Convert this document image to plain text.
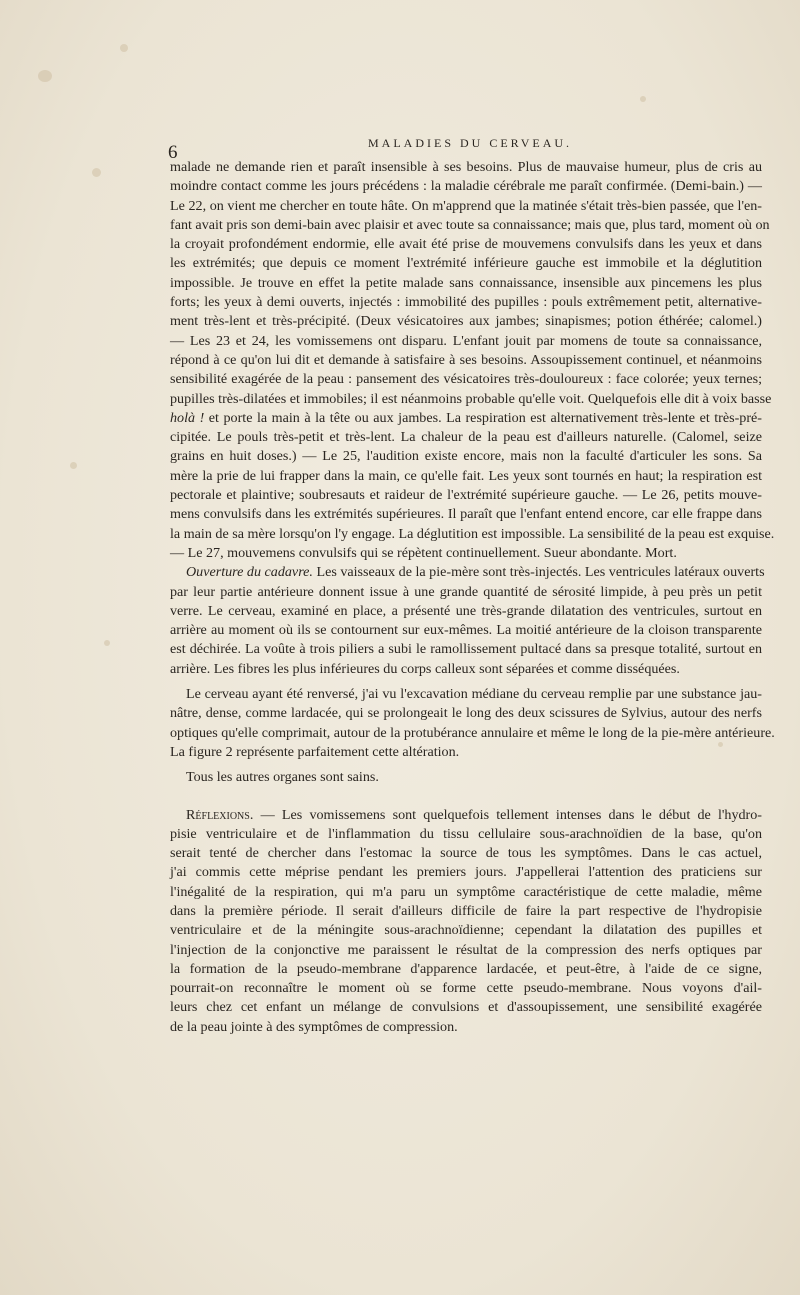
6	MALADIES DU CERVEAU.

malade ne demande rien et paraît insensible à ses besoins. Plus de mauvaise humeur, plus de cris au
moindre contact comme les jours précédens : la maladie cérébrale me paraît confirmée. (Demi-bain.) —
Le 22, on vient me chercher en toute hâte. On m'apprend que la matinée s'était très-bien passée, que l'en-
fant avait pris son demi-bain avec plaisir et avec toute sa connaissance; mais que, plus tard, moment où on
la croyait profondément endormie, elle avait été prise de mouvemens convulsifs dans les yeux et dans
les extrémités; que depuis ce moment l'extrémité inférieure gauche est immobile et la déglutition
impossible. Je trouve en effet la petite malade sans connaissance, insensible aux pincemens les plus
forts; les yeux à demi ouverts, injectés : immobilité des pupilles : pouls extrêmement petit, alternative-
ment très-lent et très-précipité. (Deux vésicatoires aux jambes; sinapismes; potion éthérée; calomel.)
— Les 23 et 24, les vomissemens ont disparu. L'enfant jouit par momens de toute sa connaissance,
répond à ce qu'on lui dit et demande à satisfaire à ses besoins. Assoupissement continuel, et néanmoins
sensibilité exagérée de la peau : pansement des vésicatoires très-douloureux : face colorée; yeux ternes;
pupilles très-dilatées et immobiles; il est néanmoins probable qu'elle voit. Quelquefois elle dit à voix basse
holà ! et porte la main à la tête ou aux jambes. La respiration est alternativement très-lente et très-pré-
cipitée. Le pouls très-petit et très-lent. La chaleur de la peau est d'ailleurs naturelle. (Calomel, seize
grains en huit doses.) — Le 25, l'audition existe encore, mais non la faculté d'articuler les sons. Sa
mère la prie de lui frapper dans la main, ce qu'elle fait. Les yeux sont tournés en haut; la respiration est
pectorale et plaintive; soubresauts et raideur de l'extrémité supérieure gauche. — Le 26, petits mouve-
mens convulsifs dans les extrémités supérieures. Il paraît que l'enfant entend encore, car elle frappe dans
la main de sa mère lorsqu'on l'y engage. La déglutition est impossible. La sensibilité de la peau est exquise.
— Le 27, mouvemens convulsifs qui se répètent continuellement. Sueur abondante. Mort.

Ouverture du cadavre. Les vaisseaux de la pie-mère sont très-injectés. Les ventricules latéraux ouverts
par leur partie antérieure donnent issue à une grande quantité de sérosité limpide, à peu près un petit
verre. Le cerveau, examiné en place, a présenté une très-grande dilatation des ventricules, surtout en
arrière au moment où ils se contournent sur eux-mêmes. La moitié antérieure de la cloison transparente
est déchirée. La voûte à trois piliers a subi le ramollissement pultacé dans sa presque totalité, surtout en
arrière. Les fibres les plus inférieures du corps calleux sont séparées et comme disséquées.

Le cerveau ayant été renversé, j'ai vu l'excavation médiane du cerveau remplie par une substance jau-
nâtre, dense, comme lardacée, qui se prolongeait le long des deux scissures de Sylvius, autour des nerfs
optiques qu'elle comprimait, autour de la protubérance annulaire et même le long de la pie-mère antérieure.
La figure 2 représente parfaitement cette altération.

Tous les autres organes sont sains.

Réflexions. — Les vomissemens sont quelquefois tellement intenses dans le début de l'hydro-
pisie ventriculaire et de l'inflammation du tissu cellulaire sous-arachnoïdien de la base, qu'on
serait tenté de chercher dans l'estomac la source de tous les symptômes. Dans le cas actuel,
j'ai commis cette méprise pendant les premiers jours. J'appellerai l'attention des praticiens sur
l'inégalité de la respiration, qui m'a paru un symptôme caractéristique de cette maladie, même
dans la première période. Il serait d'ailleurs difficile de faire la part respective de l'hydropisie
ventriculaire et de la méningite sous-arachnoïdienne; cependant la dilatation des pupilles et
l'injection de la conjonctive me paraissent le résultat de la compression des nerfs optiques par
la formation de la pseudo-membrane d'apparence lardacée, et peut-être, à l'aide de ce signe,
pourrait-on reconnaître le moment où se forme cette pseudo-membrane. Nous voyons d'ail-
leurs chez cet enfant un mélange de convulsions et d'assoupissement, une sensibilité exagérée
de la peau jointe à des symptômes de compression.
